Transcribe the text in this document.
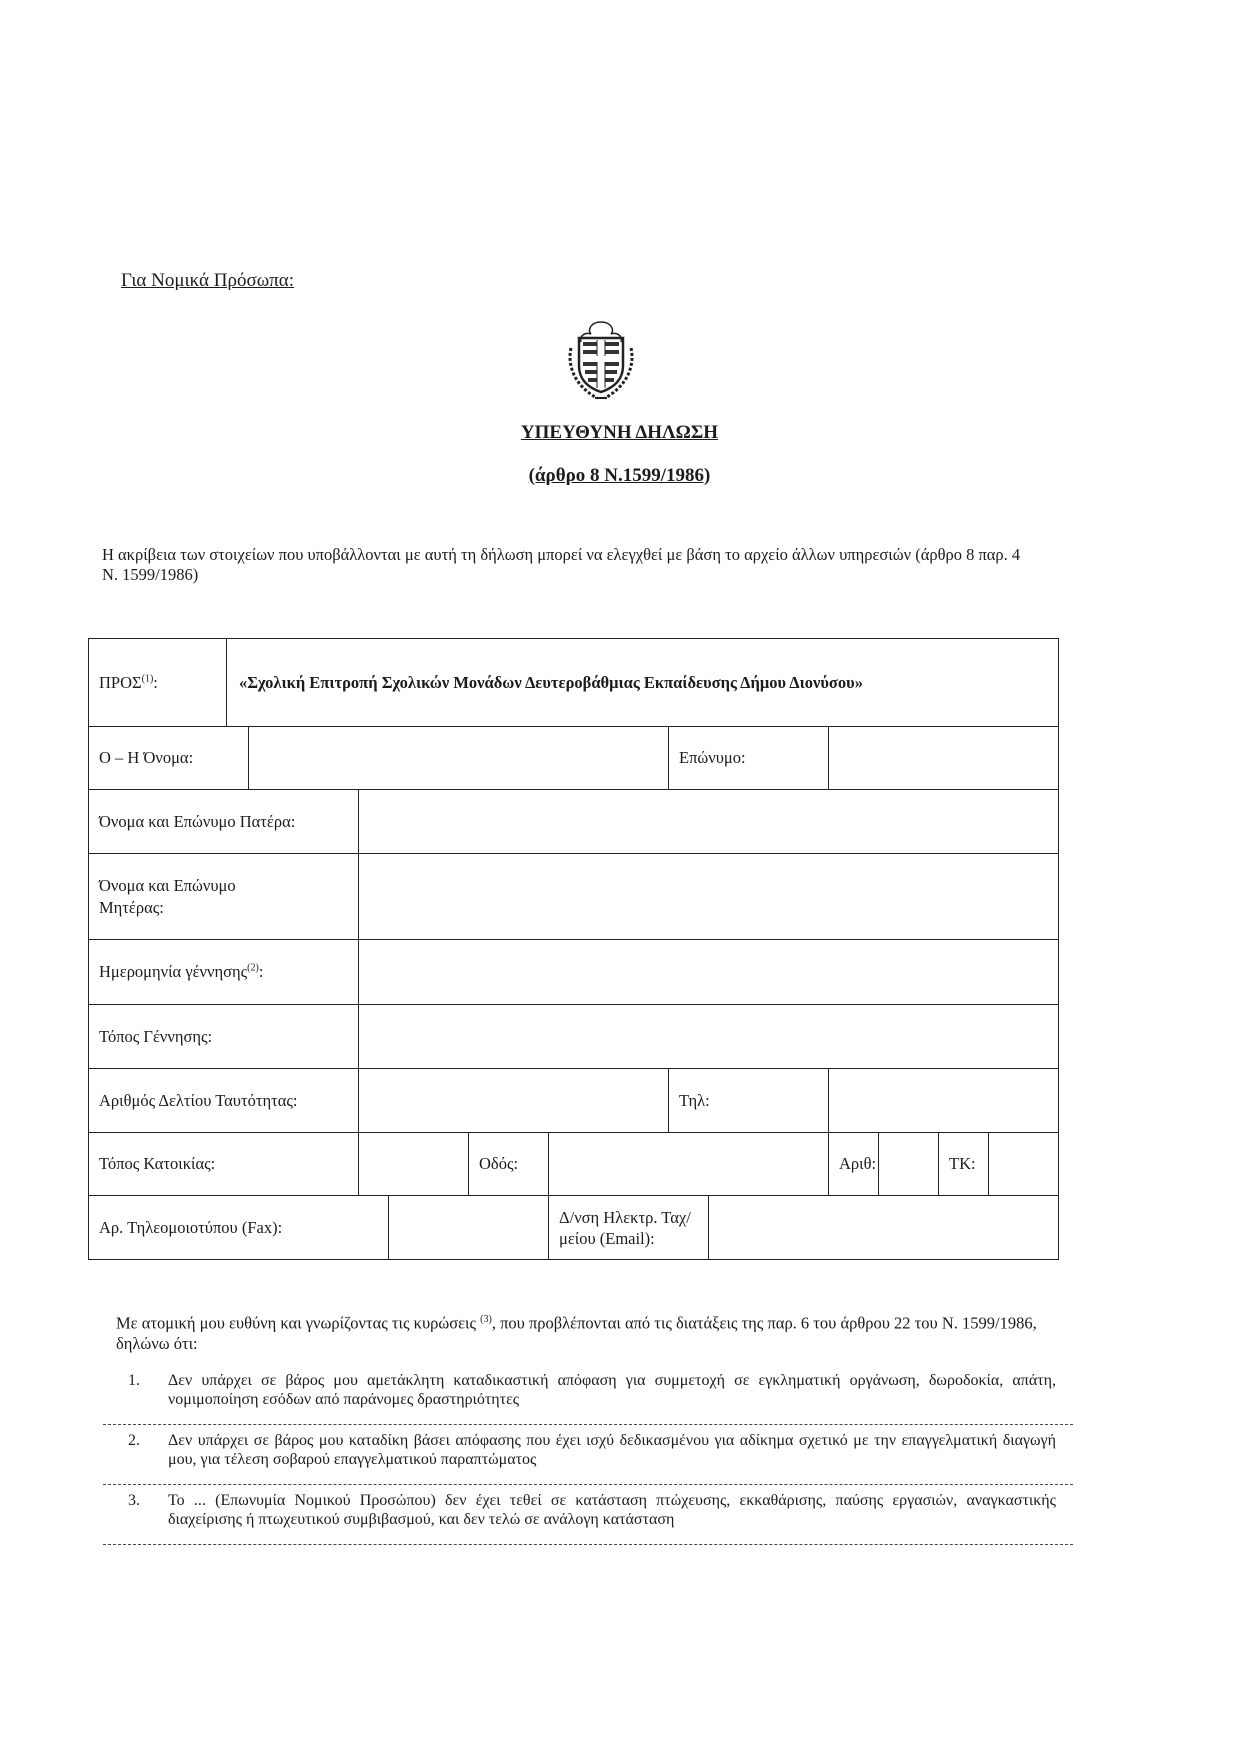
Για Νομικά Πρόσωπα:
ΥΠΕΥΘΥΝΗ ΔΗΛΩΣΗ
(άρθρο 8 Ν.1599/1986)
Η ακρίβεια των στοιχείων που υποβάλλονται με αυτή τη δήλωση μπορεί να ελεγχθεί με βάση το αρχείο άλλων υπηρεσιών (άρθρο 8 παρ. 4 Ν. 1599/1986)
ΠΡΟΣ$^{(1)}$:	«Σχολική Επιτροπή Σχολικών Μονάδων Δευτεροβάθμιας Εκπαίδευσης Δήμου Διονύσου»											
Ο – Η Όνομα:							Επώνυμο:					
Όνομα και Επώνυμο Πατέρα:												
Όνομα και Επώνυμο Μητέρας:												
Ημερομηνία γέννησης$^{(2)}$:												
Τόπος Γέννησης:												
Αριθμός Δελτίου Ταυτότητας:							Τηλ:					
Τόπος Κατοικίας:					Οδός:				Αριθ:		ΤΚ:	
Αρ. Τηλεομοιοτύπου (Fax):						Δ/νση Ηλεκτρ. Ταχ/μείου (Email):						
Με ατομική μου ευθύνη και γνωρίζοντας τις κυρώσεις $^{(3)}$, που προβλέπονται από τις διατάξεις της παρ. 6 του άρθρου 22 του Ν. 1599/1986, δηλώνω ότι:
1.	Δεν υπάρχει σε βάρος μου αμετάκλητη καταδικαστική απόφαση για συμμετοχή σε εγκληματική οργάνωση, δωροδοκία, απάτη, νομιμοποίηση εσόδων από παράνομες δραστηριότητες
2.	Δεν υπάρχει σε βάρος μου καταδίκη βάσει απόφασης που έχει ισχύ δεδικασμένου για αδίκημα σχετικό με την επαγγελματική διαγωγή μου, για τέλεση σοβαρού επαγγελματικού παραπτώματος
3.	Το ... (Επωνυμία Νομικού Προσώπου) δεν έχει τεθεί σε κατάσταση πτώχευσης, εκκαθάρισης, παύσης εργασιών, αναγκαστικής διαχείρισης ή πτωχευτικού συμβιβασμού, και δεν τελώ σε ανάλογη κατάσταση
